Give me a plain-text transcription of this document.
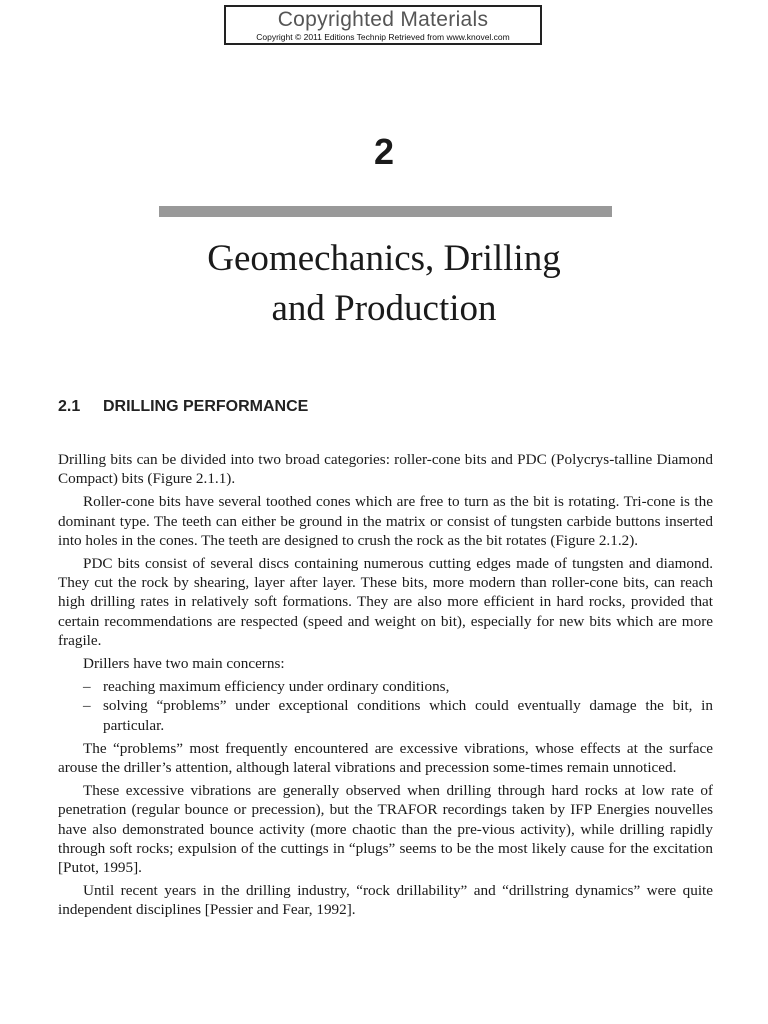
Copyrighted Materials
Copyright © 2011 Editions Technip Retrieved from www.knovel.com
2
Geomechanics, Drilling
and Production
2.1 DRILLING PERFORMANCE

Drilling bits can be divided into two broad categories: roller-cone bits and PDC (Polycrys-talline Diamond Compact) bits (Figure 2.1.1).

Roller-cone bits have several toothed cones which are free to turn as the bit is rotating. Tri-cone is the dominant type. The teeth can either be ground in the matrix or consist of tungsten carbide buttons inserted into holes in the cones. The teeth are designed to crush the rock as the bit rotates (Figure 2.1.2).

PDC bits consist of several discs containing numerous cutting edges made of tungsten and diamond. They cut the rock by shearing, layer after layer. These bits, more modern than roller-cone bits, can reach high drilling rates in relatively soft formations. They are also more efficient in hard rocks, provided that certain recommendations are respected (speed and weight on bit), especially for new bits which are more fragile.

Drillers have two main concerns:

– reaching maximum efficiency under ordinary conditions,
– solving “problems” under exceptional conditions which could eventually damage the bit, in particular.

The “problems” most frequently encountered are excessive vibrations, whose effects at the surface arouse the driller’s attention, although lateral vibrations and precession some-times remain unnoticed.

These excessive vibrations are generally observed when drilling through hard rocks at low rate of penetration (regular bounce or precession), but the TRAFOR recordings taken by IFP Energies nouvelles have also demonstrated bounce activity (more chaotic than the pre-vious activity), while drilling rapidly through soft rocks; expulsion of the cuttings in “plugs” seems to be the most likely cause for the excitation [Putot, 1995].

Until recent years in the drilling industry, “rock drillability” and “drillstring dynamics” were quite independent disciplines [Pessier and Fear, 1992].
